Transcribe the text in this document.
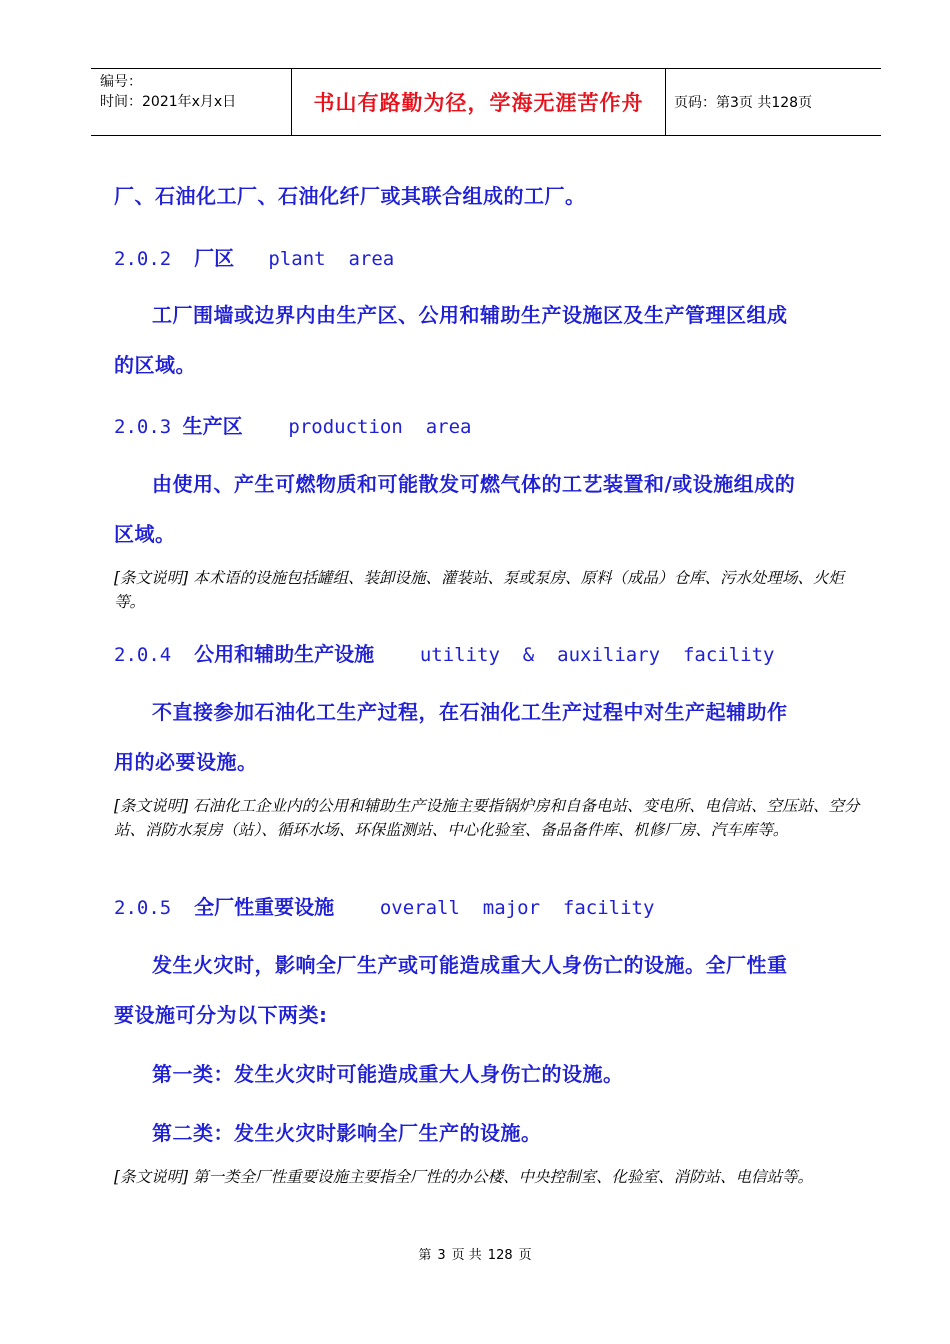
编号：
时间：2021年x月x日	书山有路勤为径，学海无涯苦作舟	页码：第3页 共128页

厂、石油化工厂、石油化纤厂或其联合组成的工厂。

2.0.2 厂区 plant  area

工厂围墙或边界内由生产区、公用和辅助生产设施区及生产管理区组成

的区域。

2.0.3 生产区 production  area

由使用、产生可燃物质和可能散发可燃气体的工艺装置和/或设施组成的

区域。

[条文说明] 本术语的设施包括罐组、装卸设施、灌装站、泵或泵房、原料（成品）仓库、污水处理场、火炬等。

2.0.4 公用和辅助生产设施 utility  &  auxiliary  facility

不直接参加石油化工生产过程，在石油化工生产过程中对生产起辅助作

用的必要设施。

[条文说明] 石油化工企业内的公用和辅助生产设施主要指锅炉房和自备电站、变电所、电信站、空压站、空分站、消防水泵房（站）、循环水场、环保监测站、中心化验室、备品备件库、机修厂房、汽车库等。

2.0.5 全厂性重要设施 overall  major  facility

发生火灾时，影响全厂生产或可能造成重大人身伤亡的设施。全厂性重

要设施可分为以下两类:

第一类：发生火灾时可能造成重大人身伤亡的设施。

第二类：发生火灾时影响全厂生产的设施。

[条文说明] 第一类全厂性重要设施主要指全厂性的办公楼、中央控制室、化验室、消防站、电信站等。

第 3 页 共 128 页
